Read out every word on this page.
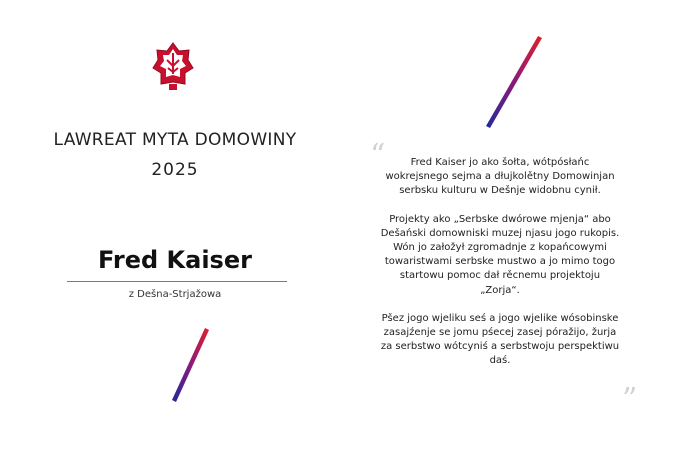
LAWREAT MYTA DOMOWINY
2025
Fred Kaiser
z Dešna-Strjažowa
“
”

Fred Kaiser jo ako šołta, wótpósłańc wokrejsnego sejma a dłujkolětny Domowinjan serbsku kulturu w Dešnje widobnu cynił.

Projekty ako „Serbske dwórowe mjenja“ abo Dešański domowniski muzej njasu jogo rukopis. Wón jo załožył zgromadnje z kopańcowymi towaristwami serbske mustwo a jo mimo togo startowu pomoc dał rěcnemu projektoju „Zorja“.

Pšez jogo wjeliku seś a jogo wjelike wósobinske zasajźenje se jomu pśecej zasej póražijo, žurja za serbstwo wótcyniś a serbstwoju perspektiwu daś.
